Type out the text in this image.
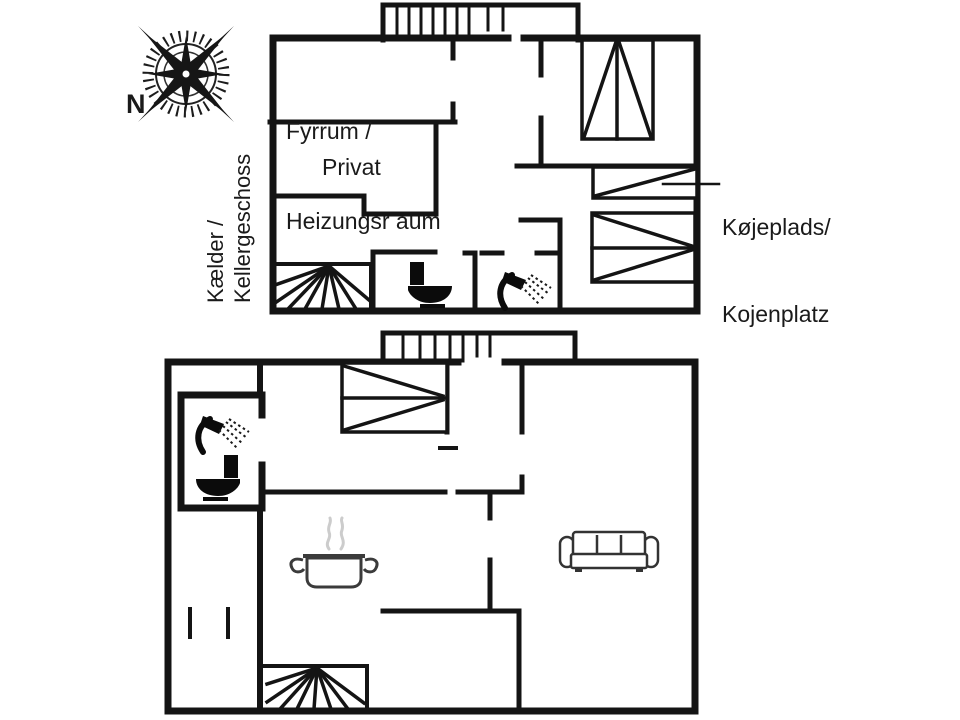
N

Fyrrum /

Heizungsr aum

Privat
Kælder / Kellergeschoss

	Køjeplads/

Kojenplatz
